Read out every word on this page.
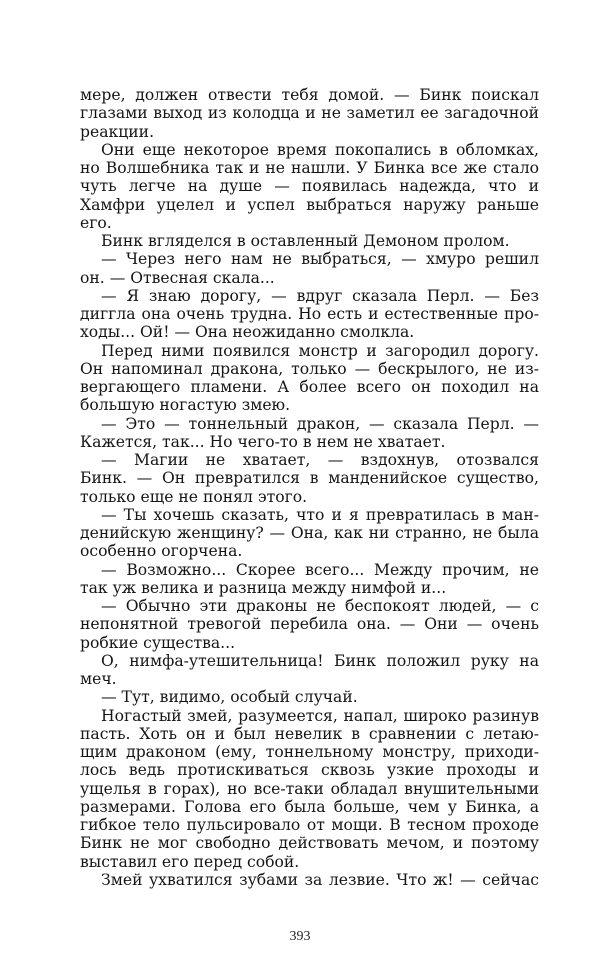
мере, должен отвести тебя домой. — Бинк поискал
глазами выход из колодца и не заметил ее загадочной
реакции.
Они еще некоторое время покопались в обломках,
но Волшебника так и не нашли. У Бинка все же стало
чуть легче на душе — появилась надежда, что и
Хамфри уцелел и успел выбраться наружу раньше
его.
Бинк вгляделся в оставленный Демоном пролом.
— Через него нам не выбраться, — хмуро решил
он. — Отвесная скала...
— Я знаю дорогу, — вдруг сказала Перл. — Без
диггла она очень трудна. Но есть и естественные про-
ходы... Ой! — Она неожиданно смолкла.
Перед ними появился монстр и загородил дорогу.
Он напоминал дракона, только — бескрылого, не из-
вергающего пламени. А более всего он походил на
большую ногастую змею.
— Это — тоннельный дракон, — сказала Перл. —
Кажется, так... Но чего-то в нем не хватает.
— Магии не хватает, — вздохнув, отозвался
Бинк. — Он превратился в манденийское существо,
только еще не понял этого.
— Ты хочешь сказать, что и я превратилась в ман-
денийскую женщину? — Она, как ни странно, не была
особенно огорчена.
— Возможно... Скорее всего... Между прочим, не
так уж велика и разница между нимфой и...
— Обычно эти драконы не беспокоят людей, — с
непонятной тревогой перебила она. — Они — очень
робкие существа...
О, нимфа-утешительница! Бинк положил руку на
меч.
— Тут, видимо, особый случай.
Ногастый змей, разумеется, напал, широко разинув
пасть. Хоть он и был невелик в сравнении с летаю-
щим драконом (ему, тоннельному монстру, приходи-
лось ведь протискиваться сквозь узкие проходы и
ущелья в горах), но все-таки обладал внушительными
размерами. Голова его была больше, чем у Бинка, а
гибкое тело пульсировало от мощи. В тесном проходе
Бинк не мог свободно действовать мечом, и поэтому
выставил его перед собой.
Змей ухватился зубами за лезвие. Что ж! — сейчас
393
